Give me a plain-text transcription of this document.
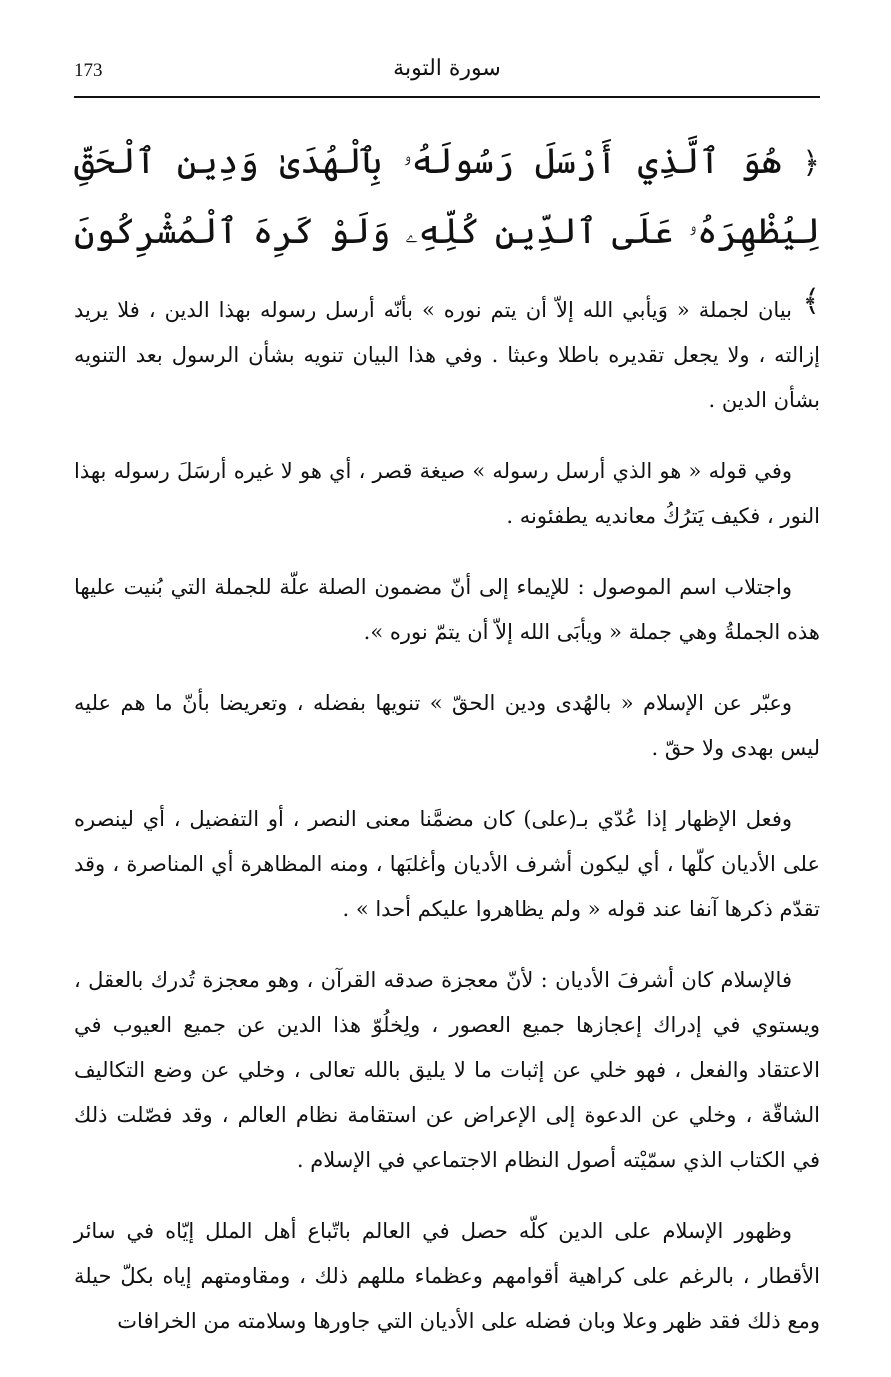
173	سورة التوبة
﴿ هُوَ ٱلَّذِي أَرْسَلَ رَسُولَهُۥ بِٱلْهُدَىٰ وَدِينِ ٱلْحَقِّ لِيُظْهِرَهُۥ عَلَى ٱلدِّينِ كُلِّهِۦ وَلَوْ كَرِهَ ٱلْمُشْرِكُونَ ﴾

بيان لجملة « وَيأبي الله إلاّ أن يتم نوره » بأنّه أرسل رسوله بهذا الدين ، فلا يريد إزالته ، ولا يجعل تقديره باطلا وعبثا . وفي هذا البيان تنويه بشأن الرسول بعد التنويه بشأن الدين .

وفي قوله « هو الذي أرسل رسوله » صيغة قصر ، أي هو لا غيره أرسَلَ رسوله بهذا النور ، فكيف يَترُكُ معانديه يطفئونه .

واجتلاب اسم الموصول : للإيماء إلى أنّ مضمون الصلة علّة للجملة التي بُنيت عليها هذه الجملةُ وهي جملة « ويأبَى الله إلاّ أن يتمّ نوره ».

وعبّر عن الإسلام « بالهُدى ودين الحقّ » تنويها بفضله ، وتعريضا بأنّ ما هم عليه ليس بهدى ولا حقّ .

وفعل الإظهار إذا عُدّي بـ(على) كان مضمَّنا معنى النصر ، أو التفضيل ، أي لينصره على الأديان كلّها ، أي ليكون أشرف الأديان وأغلبَها ، ومنه المظاهرة أي المناصرة ، وقد تقدّم ذكرها آنفا عند قوله « ولم يظاهروا عليكم أحدا » .

فالإسلام كان أشرفَ الأديان : لأنّ معجزة صدقه القرآن ، وهو معجزة تُدرك بالعقل ، ويستوي في إدراك إعجازها جميع العصور ، ولِخلُوّ هذا الدين عن جميع العيوب في الاعتقاد والفعل ، فهو خلي عن إثبات ما لا يليق بالله تعالى ، وخلي عن وضع التكاليف الشاقّة ، وخلي عن الدعوة إلى الإعراض عن استقامة نظام العالم ، وقد فصّلت ذلك في الكتاب الذي سمّيْته أصول النظام الاجتماعي في الإسلام .

وظهور الإسلام على الدين كلّه حصل في العالم باتّباع أهل الملل إيّاه في سائر الأقطار ، بالرغم على كراهية أقوامهم وعظماء مللهم ذلك ، ومقاومتهم إياه بكلّ حيلة ومع ذلك فقد ظهر وعلا وبان فضله على الأديان التي جاورها وسلامته من الخرافات
